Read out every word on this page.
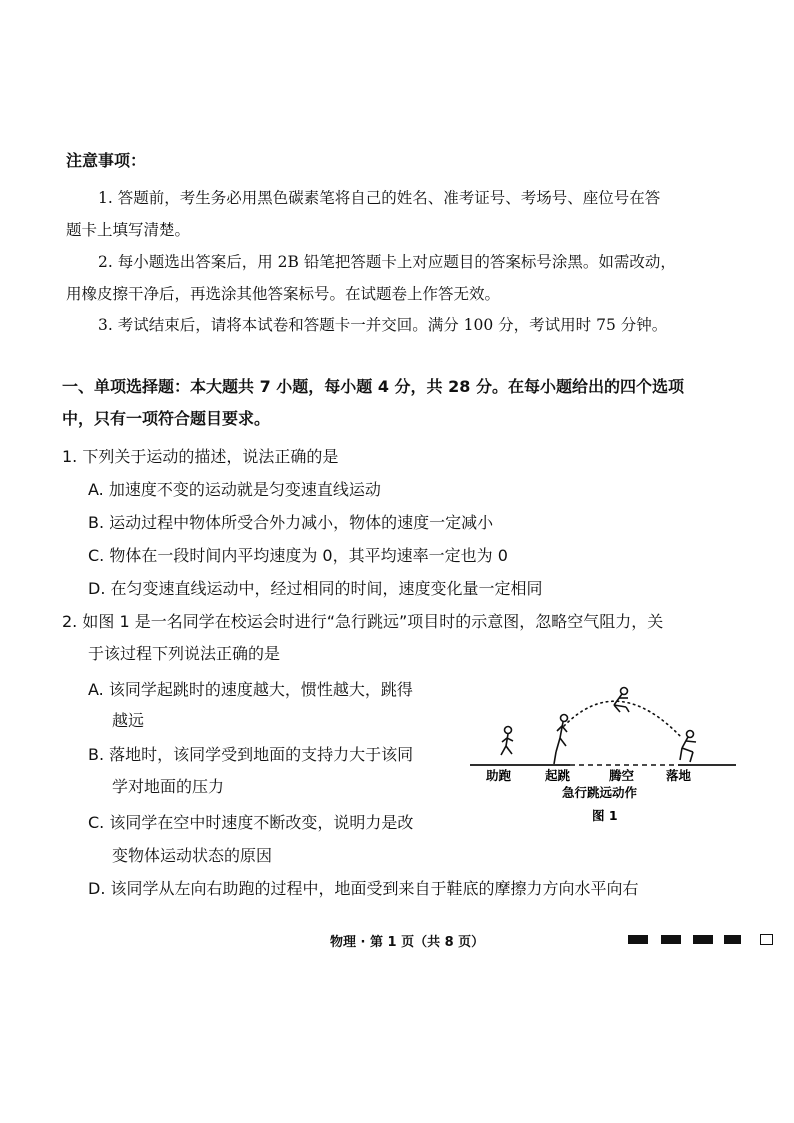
注意事项：
1. 答题前，考生务必用黑色碳素笔将自己的姓名、准考证号、考场号、座位号在答
题卡上填写清楚。
2. 每小题选出答案后，用 2B 铅笔把答题卡上对应题目的答案标号涂黑。如需改动，
用橡皮擦干净后，再选涂其他答案标号。在试题卷上作答无效。
3. 考试结束后，请将本试卷和答题卡一并交回。满分 100 分，考试用时 75 分钟。
一、单项选择题：本大题共 7 小题，每小题 4 分，共 28 分。在每小题给出的四个选项
中，只有一项符合题目要求。
1. 下列关于运动的描述，说法正确的是
A. 加速度不变的运动就是匀变速直线运动
B. 运动过程中物体所受合外力减小，物体的速度一定减小
C. 物体在一段时间内平均速度为 0，其平均速率一定也为 0
D. 在匀变速直线运动中，经过相同的时间，速度变化量一定相同
2. 如图 1 是一名同学在校运会时进行“急行跳远”项目时的示意图，忽略空气阻力，关
于该过程下列说法正确的是
A. 该同学起跳时的速度越大，惯性越大，跳得
越远
B. 落地时，该同学受到地面的支持力大于该同
学对地面的压力
C. 该同学在空中时速度不断改变，说明力是改
变物体运动状态的原因
D. 该同学从左向右助跑的过程中，地面受到来自于鞋底的摩擦力方向水平向右
助跑	起跳	腾空	落地
急行跳远动作
图 1
物理 · 第 1 页（共 8 页）
